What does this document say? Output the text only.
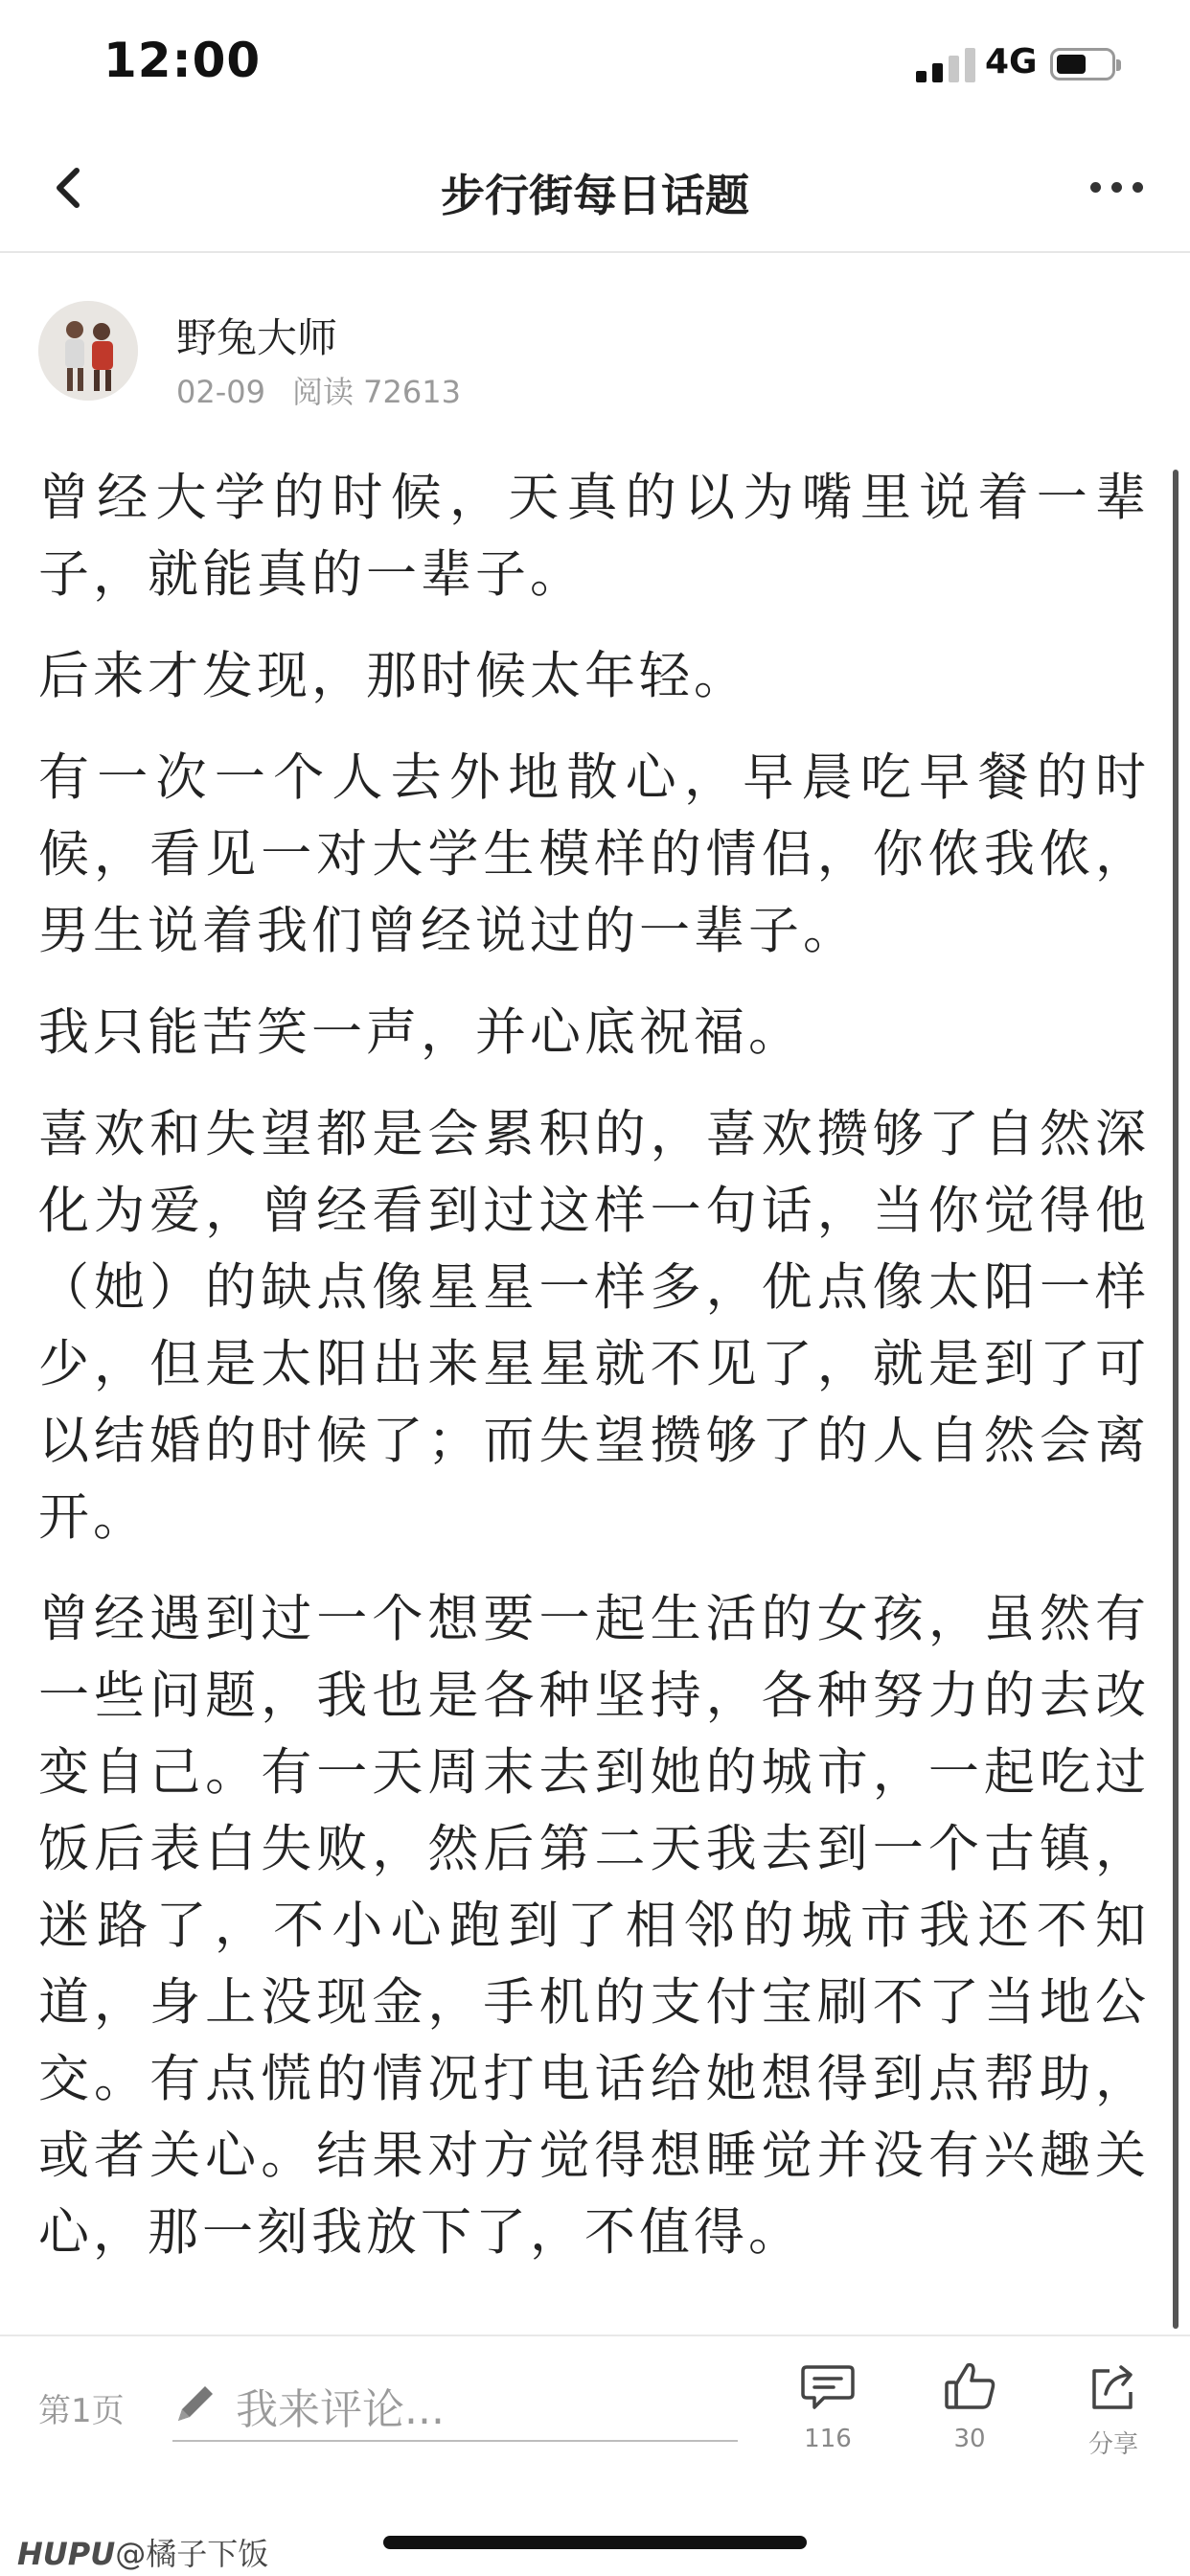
12:00	4G
步行街每日话题
野兔大师
02-09 阅读 72613

曾经大学的时候，天真的以为嘴里说着一辈子，就能真的一辈子。

后来才发现，那时候太年轻。

有一次一个人去外地散心，早晨吃早餐的时候，看见一对大学生模样的情侣，你侬我侬，男生说着我们曾经说过的一辈子。

我只能苦笑一声，并心底祝福。

喜欢和失望都是会累积的，喜欢攒够了自然深化为爱，曾经看到过这样一句话，当你觉得他（她）的缺点像星星一样多，优点像太阳一样少，但是太阳出来星星就不见了，就是到了可以结婚的时候了；而失望攒够了的人自然会离开。

曾经遇到过一个想要一起生活的女孩，虽然有一些问题，我也是各种坚持，各种努力的去改变自己。有一天周末去到她的城市，一起吃过饭后表白失败，然后第二天我去到一个古镇，迷路了，不小心跑到了相邻的城市我还不知道，身上没现金，手机的支付宝刷不了当地公交。有点慌的情况打电话给她想得到点帮助，或者关心。结果对方觉得想睡觉并没有兴趣关心，那一刻我放下了，不值得。

第1页	我来评论...
116	30	分享
HUPU@橘子下饭
